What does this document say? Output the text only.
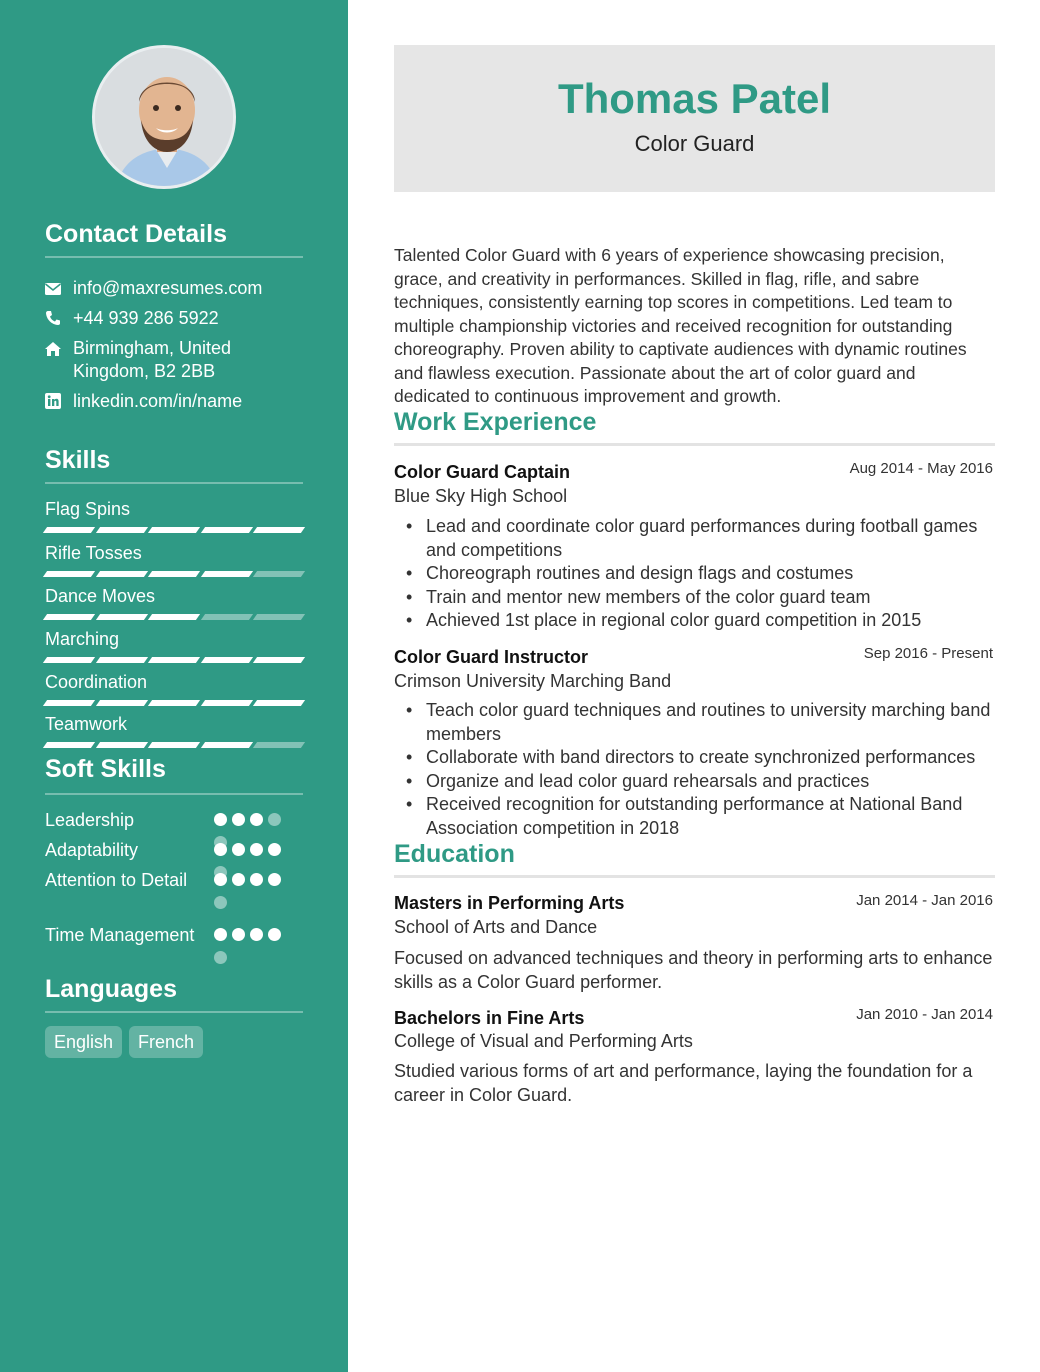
Contact Details
info@maxresumes.com
+44 939 286 5922
Birmingham, United Kingdom, B2 2BB
linkedin.com/in/name
Skills
Flag Spins
Rifle Tosses
Dance Moves
Marching
Coordination
Teamwork
Soft Skills
Leadership
Adaptability
Attention to Detail
Time Management
Languages
English	French
Thomas Patel
Color Guard
Talented Color Guard with 6 years of experience showcasing precision, grace, and creativity in performances. Skilled in flag, rifle, and sabre techniques, consistently earning top scores in competitions. Led team to multiple championship victories and received recognition for outstanding choreography. Proven ability to captivate audiences with dynamic routines and flawless execution. Passionate about the art of color guard and dedicated to continuous improvement and growth.
Work Experience
Color Guard Captain	Aug 2014 - May 2016
Blue Sky High School
• Lead and coordinate color guard performances during football games and competitions
• Choreograph routines and design flags and costumes
• Train and mentor new members of the color guard team
• Achieved 1st place in regional color guard competition in 2015
Color Guard Instructor	Sep 2016 - Present
Crimson University Marching Band
• Teach color guard techniques and routines to university marching band members
• Collaborate with band directors to create synchronized performances
• Organize and lead color guard rehearsals and practices
• Received recognition for outstanding performance at National Band Association competition in 2018
Education
Masters in Performing Arts	Jan 2014 - Jan 2016
School of Arts and Dance
Focused on advanced techniques and theory in performing arts to enhance skills as a Color Guard performer.
Bachelors in Fine Arts	Jan 2010 - Jan 2014
College of Visual and Performing Arts
Studied various forms of art and performance, laying the foundation for a career in Color Guard.
